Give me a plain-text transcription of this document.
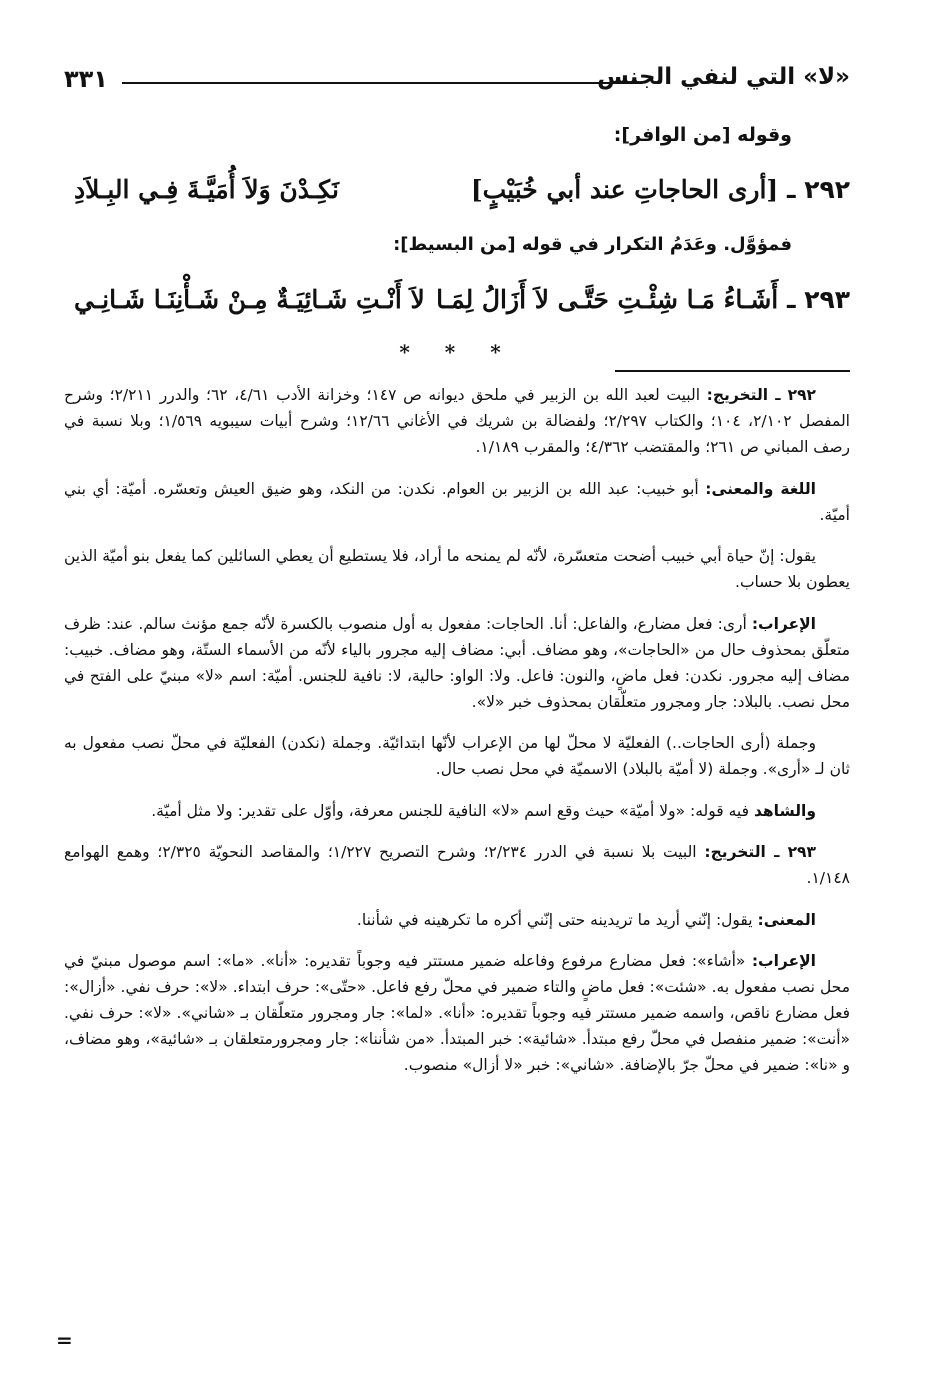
«لا» التي لنفي الجنس
٣٣١
وقوله [من الوافر]:
٢٩٢ ـ [أرى الحاجاتِ عند أبي خُبَيْبٍ]
نَكِـدْنَ وَلاَ أُمَيَّـةَ فِـي البِـلاَدِ
فمؤوَّل. وعَدَمُ التكرار في قوله [من البسيط]:
٢٩٣ ـ أَشَـاءُ مَـا شِئْـتِ حَتَّـى لاَ أَزَالُ لِمَـا
لاَ أَنْـتِ شَـائِيَـةٌ مِـنْ شَـأْنِنَـا شَـانِـي
* * *

٢٩٢ ـ التخريج: البيت لعبد الله بن الزبير في ملحق ديوانه ص ١٤٧؛ وخزانة الأدب ٤/٦١، ٦٢؛ والدرر ٢/٢١١؛ وشرح المفصل ٢/١٠٢، ١٠٤؛ والكتاب ٢/٢٩٧؛ ولفضالة بن شريك في الأغاني ١٢/٦٦؛ وشرح أبيات سيبويه ١/٥٦٩؛ وبلا نسبة في رصف المباني ص ٢٦١؛ والمقتضب ٤/٣٦٢؛ والمقرب ١/١٨٩.

اللغة والمعنى: أبو خبيب: عبد الله بن الزبير بن العوام. نكدن: من النكد، وهو ضيق العيش وتعسّره. أميّة: أي بني أميّة.

يقول: إنّ حياة أبي خبيب أضحت متعسّرة، لأنّه لم يمنحه ما أراد، فلا يستطيع أن يعطي السائلين كما يفعل بنو أميّة الذين يعطون بلا حساب.

الإعراب: أرى: فعل مضارع، والفاعل: أنا. الحاجات: مفعول به أول منصوب بالكسرة لأنّه جمع مؤنث سالم. عند: ظرف متعلّق بمحذوف حال من «الحاجات»، وهو مضاف. أبي: مضاف إليه مجرور بالياء لأنّه من الأسماء الستّة، وهو مضاف. خبيب: مضاف إليه مجرور. نكدن: فعل ماضٍ، والنون: فاعل. ولا: الواو: حالية، لا: نافية للجنس. أميّة: اسم «لا» مبنيّ على الفتح في محل نصب. بالبلاد: جار ومجرور متعلّقان بمحذوف خبر «لا».

وجملة (أرى الحاجات..) الفعليّة لا محلّ لها من الإعراب لأنّها ابتدائيّة. وجملة (نكدن) الفعليّة في محلّ نصب مفعول به ثان لـ «أرى». وجملة (لا أميّة بالبلاد) الاسميّة في محل نصب حال.

والشاهد فيه قوله: «ولا أميّة» حيث وقع اسم «لا» النافية للجنس معرفة، وأوّل على تقدير: ولا مثل أميّة.

٢٩٣ ـ التخريج: البيت بلا نسبة في الدرر ٢/٢٣٤؛ وشرح التصريح ١/٢٢٧؛ والمقاصد النحويّة ٢/٣٢٥؛ وهمع الهوامع ١/١٤٨.

المعنى: يقول: إنّني أريد ما تريدينه حتى إنّني أكره ما تكرهينه في شأننا.

الإعراب: «أشاء»: فعل مضارع مرفوع وفاعله ضمير مستتر فيه وجوباً تقديره: «أنا». «ما»: اسم موصول مبنيّ في محل نصب مفعول به. «شئت»: فعل ماضٍ والتاء ضمير في محلّ رفع فاعل. «حتّى»: حرف ابتداء. «لا»: حرف نفي. «أزال»: فعل مضارع ناقص، واسمه ضمير مستتر فيه وجوباً تقديره: «أنا». «لما»: جار ومجرور متعلّقان بـ «شاني». «لا»: حرف نفي. «أنت»: ضمير منفصل في محلّ رفع مبتدأ. «شائية»: خبر المبتدأ. «من شأننا»: جار ومجرورمتعلقان بـ «شائية»، وهو مضاف، و «نا»: ضمير في محلّ جرّ بالإضافة. «شاني»: خبر «لا أزال» منصوب.

=
